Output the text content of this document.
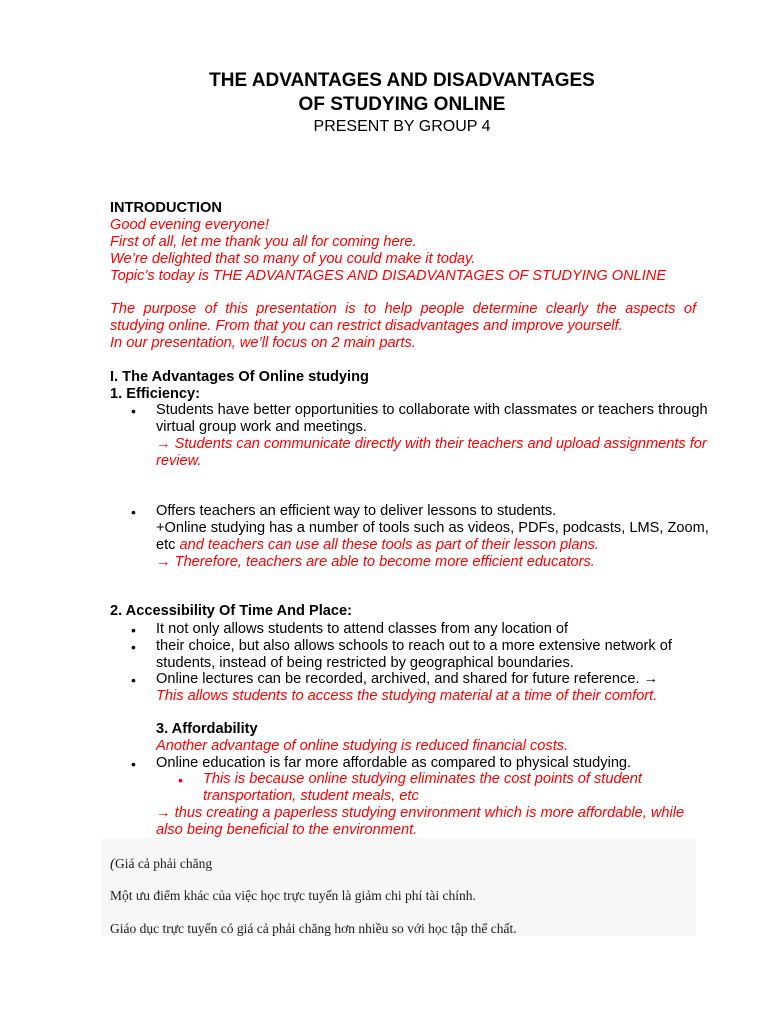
THE ADVANTAGES AND DISADVANTAGES
OF STUDYING ONLINE
PRESENT BY GROUP 4
INTRODUCTION
Good evening everyone!
First of all, let me thank you all for coming here.
We’re delighted that so many of you could make it today.
Topic’s today is THE ADVANTAGES AND DISADVANTAGES OF STUDYING ONLINE
The purpose of this presentation is to help people determine clearly the aspects of studying online. From that you can restrict disadvantages and improve yourself.
In our presentation, we’ll focus on 2 main parts.
I. The Advantages Of Online studying
1. Efficiency:
• Students have better opportunities to collaborate with classmates or teachers through virtual group work and meetings.
→ Students can communicate directly with their teachers and upload assignments for review.
• Offers teachers an efficient way to deliver lessons to students.
+Online studying has a number of tools such as videos, PDFs, podcasts, LMS, Zoom, etc and teachers can use all these tools as part of their lesson plans.
→ Therefore, teachers are able to become more efficient educators.
2. Accessibility Of Time And Place:
• It not only allows students to attend classes from any location of
• their choice, but also allows schools to reach out to a more extensive network of students, instead of being restricted by geographical boundaries.
• Online lectures can be recorded, archived, and shared for future reference. →
This allows students to access the studying material at a time of their comfort.
3. Affordability
Another advantage of online studying is reduced financial costs.
• Online education is far more affordable as compared to physical studying.
• This is because online studying eliminates the cost points of student transportation, student meals, etc
→ thus creating a paperless studying environment which is more affordable, while also being beneficial to the environment.
(Giá cả phải chăng
Một ưu điểm khác của việc học trực tuyến là giảm chi phí tài chính.
Giáo dục trực tuyến có giá cả phải chăng hơn nhiều so với học tập thể chất.
